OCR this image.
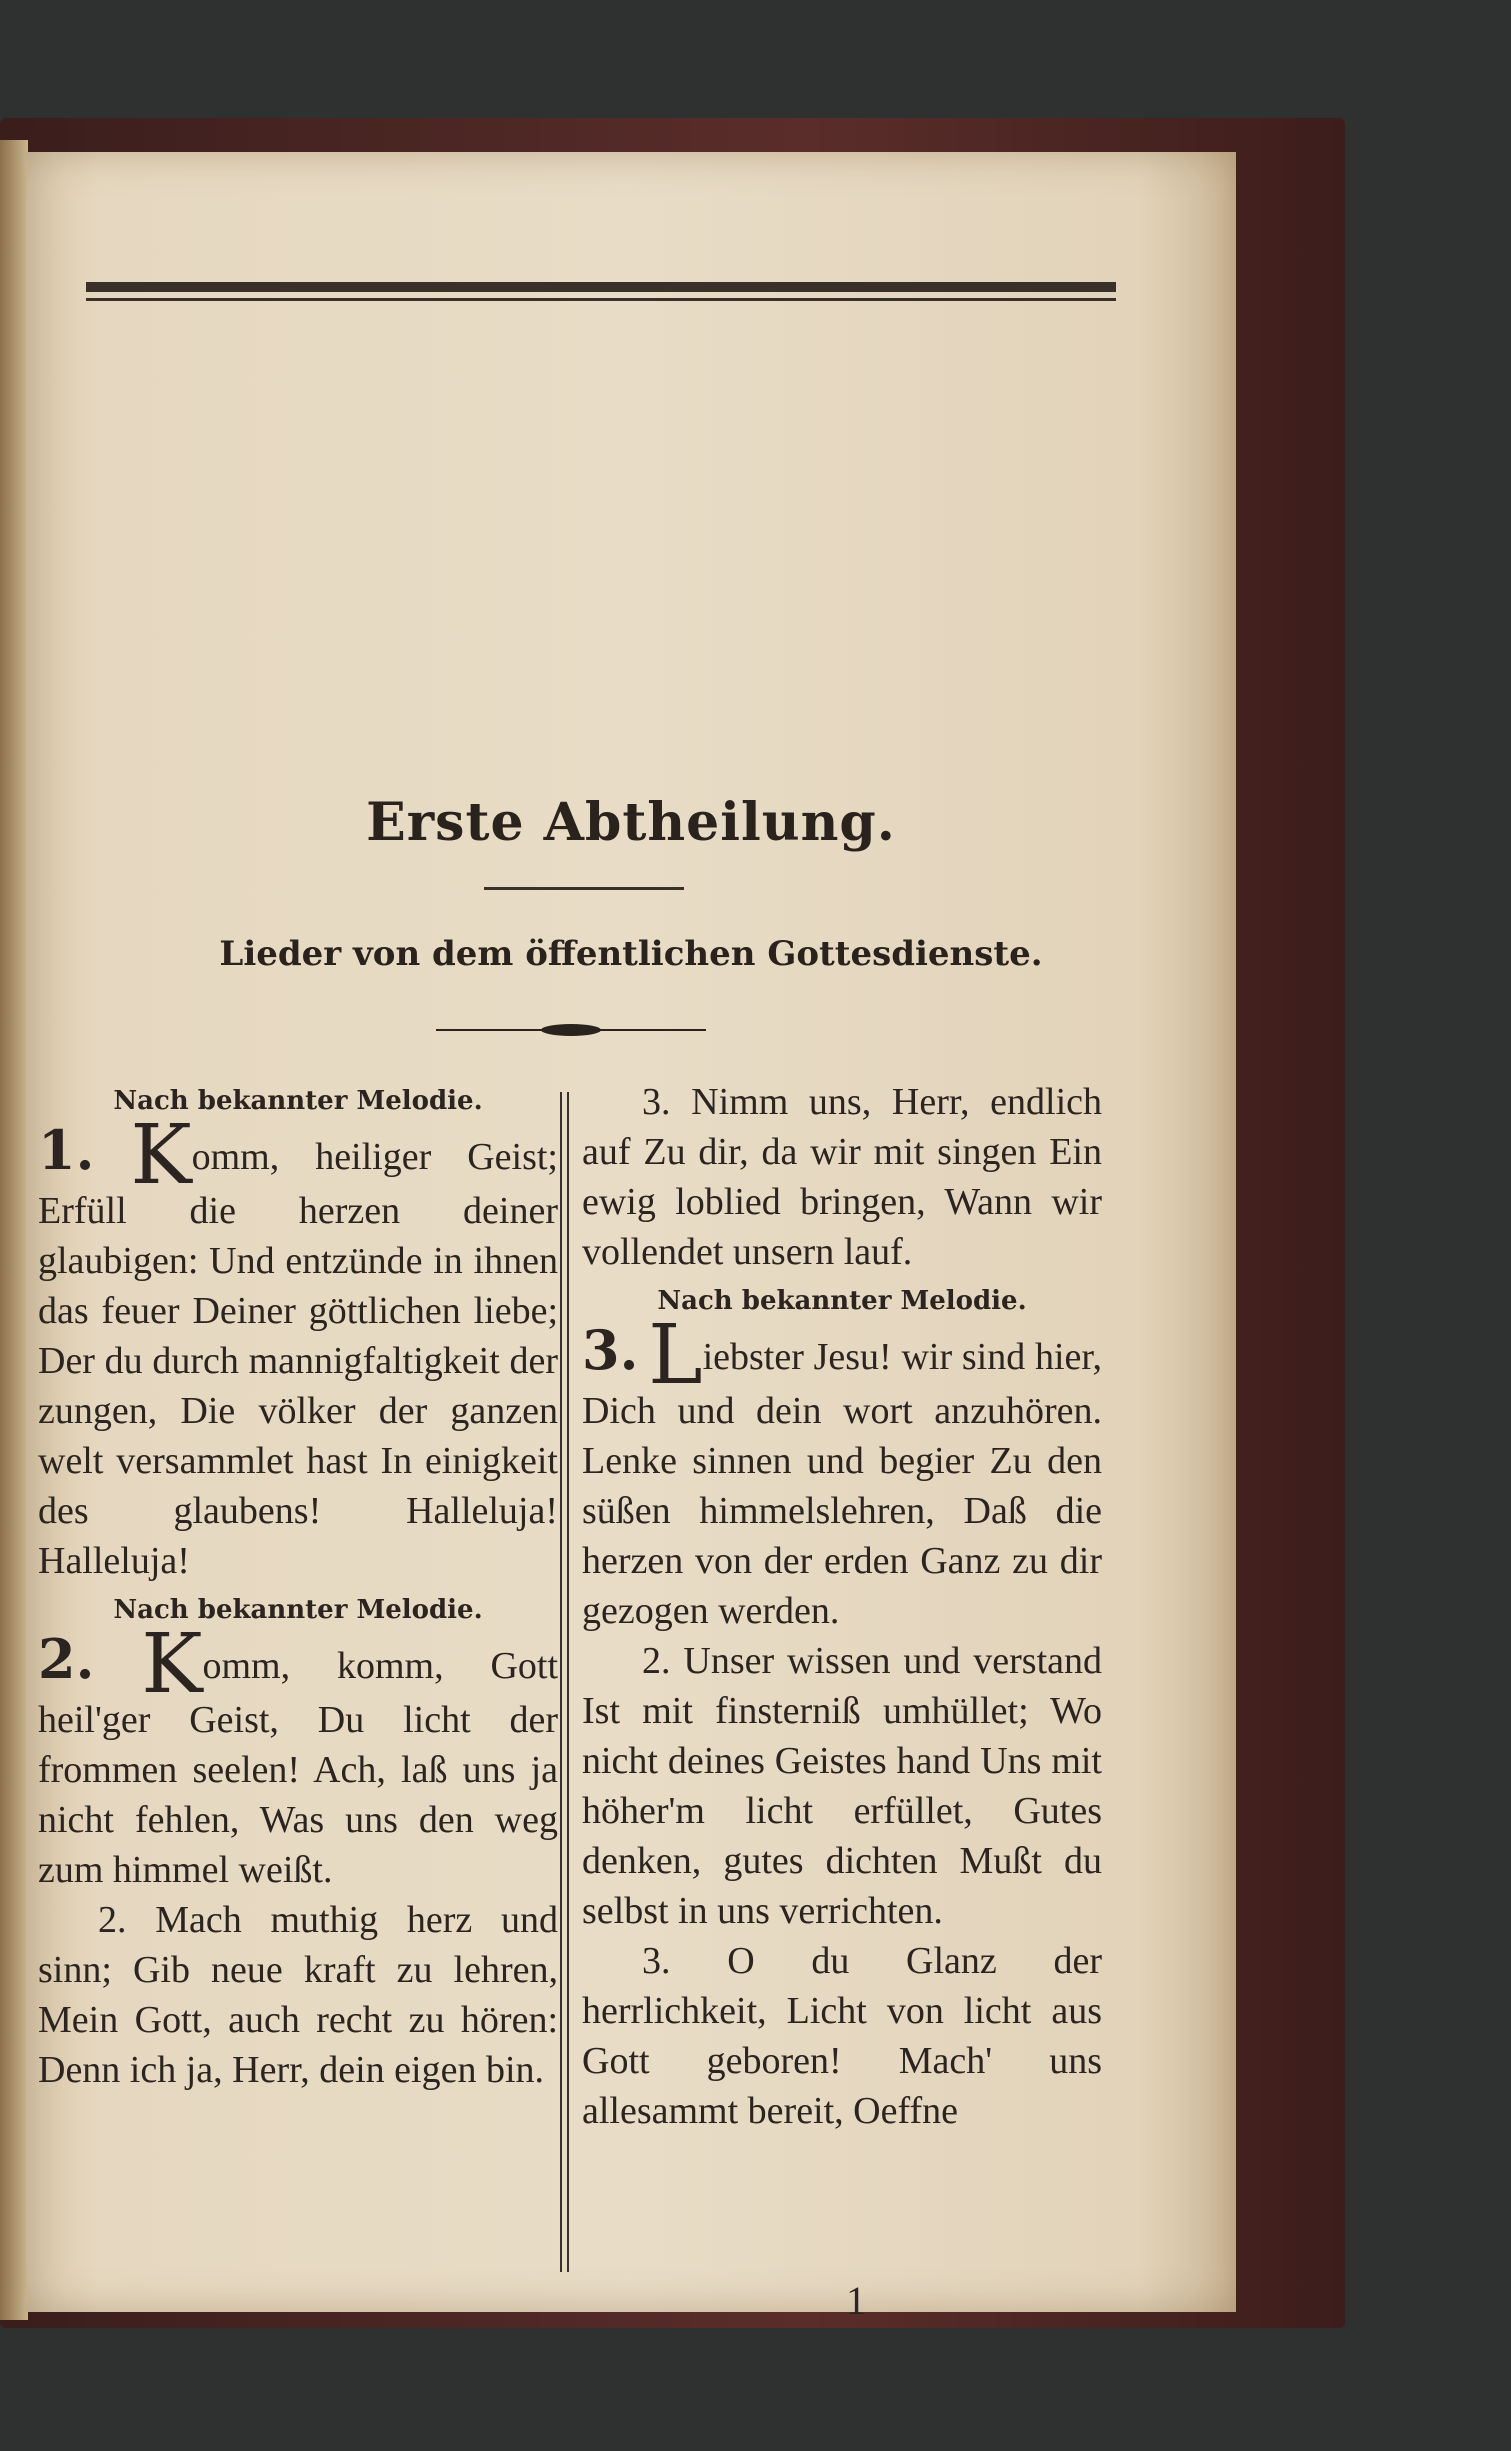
Erste Abtheilung.
Lieder von dem öffentlichen Gottesdienste.
Nach bekannter Melodie.
1. Komm, heiliger Geist; Erfüll die herzen deiner glaubigen: Und entzünde in ihnen das feuer Deiner göttlichen liebe; Der du durch mannigfaltigkeit der zungen, Die völker der ganzen welt versammlet hast In einigkeit des glaubens! Halleluja! Halleluja!
Nach bekannter Melodie.
2. Komm, komm, Gott heil'ger Geist, Du licht der frommen seelen! Ach, laß uns ja nicht fehlen, Was uns den weg zum himmel weißt.
2. Mach muthig herz und sinn; Gib neue kraft zu lehren, Mein Gott, auch recht zu hören: Denn ich ja, Herr, dein eigen bin.
3. Nimm uns, Herr, endlich auf Zu dir, da wir mit singen Ein ewig loblied bringen, Wann wir vollendet unsern lauf.
Nach bekannter Melodie.
3. Liebster Jesu! wir sind hier, Dich und dein wort anzuhören. Lenke sinnen und begier Zu den süßen himmelslehren, Daß die herzen von der erden Ganz zu dir gezogen werden.
2. Unser wissen und verstand Ist mit finsterniß umhüllet; Wo nicht deines Geistes hand Uns mit höher'm licht erfüllet, Gutes denken, gutes dichten Mußt du selbst in uns verrichten.
3. O du Glanz der herrlichkeit, Licht von licht aus Gott geboren! Mach' uns allesammt bereit, Oeffne
1
